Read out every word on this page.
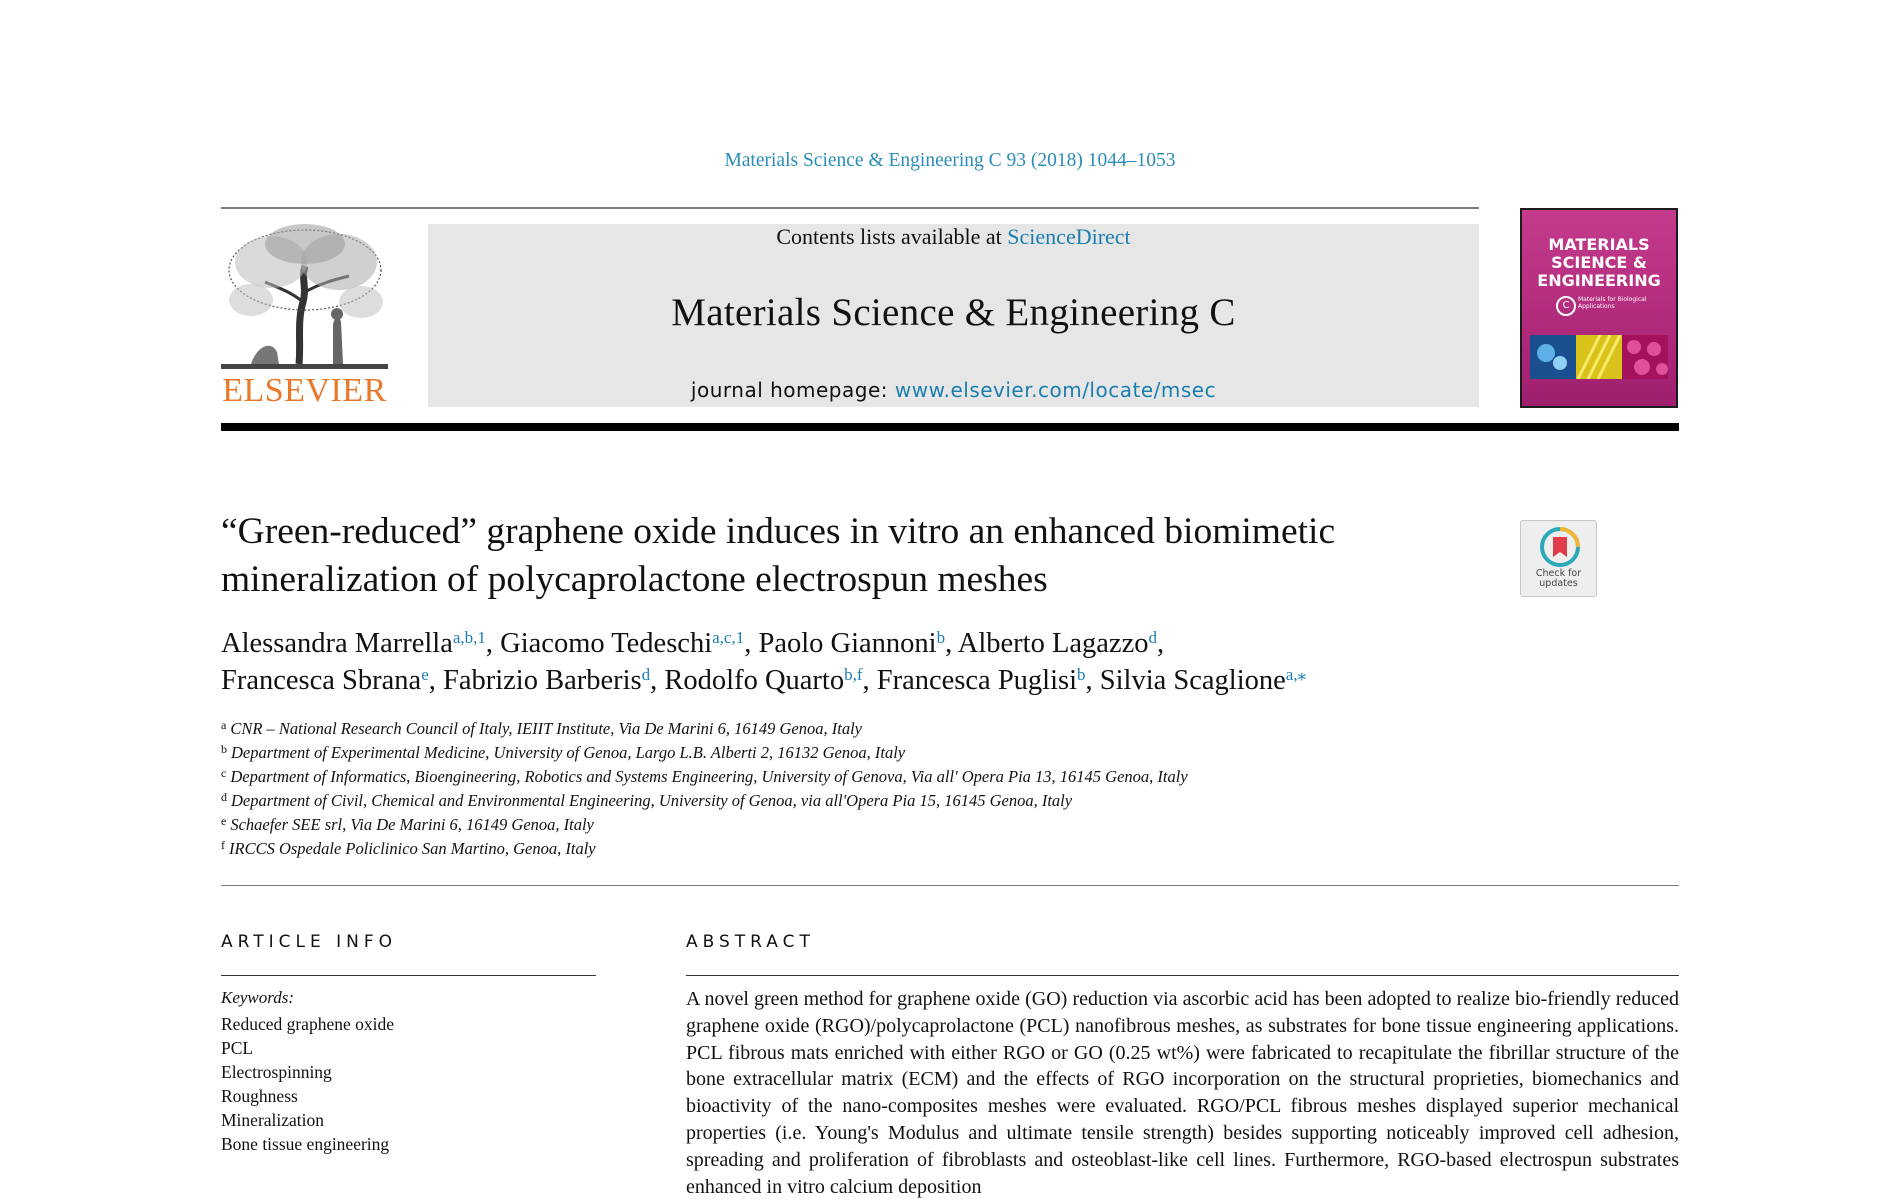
Materials Science & Engineering C 93 (2018) 1044–1053
ELSEVIER
Contents lists available at ScienceDirect
Materials Science & Engineering C
journal homepage: www.elsevier.com/locate/msec
MATERIALS
SCIENCE &
ENGINEERING
C
Materials for Biological Applications
“Green-reduced” graphene oxide induces in vitro an enhanced biomimetic mineralization of polycaprolactone electrospun meshes	Check for updates
Alessandra Marrella$^{a,b,1}$, Giacomo Tedeschi$^{a,c,1}$, Paolo Giannoni$^b$, Alberto Lagazzo$^d$,
Francesca Sbrana$^e$, Fabrizio Barberis$^d$, Rodolfo Quarto$^{b,f}$, Francesca Puglisi$^b$, Silvia Scaglione$^{a,⁎}$
$^a$ CNR – National Research Council of Italy, IEIIT Institute, Via De Marini 6, 16149 Genoa, Italy
$^b$ Department of Experimental Medicine, University of Genoa, Largo L.B. Alberti 2, 16132 Genoa, Italy
$^c$ Department of Informatics, Bioengineering, Robotics and Systems Engineering, University of Genova, Via all' Opera Pia 13, 16145 Genoa, Italy
$^d$ Department of Civil, Chemical and Environmental Engineering, University of Genoa, via all'Opera Pia 15, 16145 Genoa, Italy
$^e$ Schaefer SEE srl, Via De Marini 6, 16149 Genoa, Italy
$^f$ IRCCS Ospedale Policlinico San Martino, Genoa, Italy
ARTICLE INFO
Keywords:
Reduced graphene oxide
PCL
Electrospinning
Roughness
Mineralization
Bone tissue engineering
ABSTRACT
A novel green method for graphene oxide (GO) reduction via ascorbic acid has been adopted to realize bio-friendly reduced graphene oxide (RGO)/polycaprolactone (PCL) nanofibrous meshes, as substrates for bone tissue engineering applications. PCL fibrous mats enriched with either RGO or GO (0.25 wt%) were fabricated to recapitulate the fibrillar structure of the bone extracellular matrix (ECM) and the effects of RGO incorporation on the structural proprieties, biomechanics and bioactivity of the nano-composites meshes were evaluated. RGO/PCL fibrous meshes displayed superior mechanical properties (i.e. Young's Modulus and ultimate tensile strength) besides supporting noticeably improved cell adhesion, spreading and proliferation of fibroblasts and osteoblast-like cell lines. Furthermore, RGO-based electrospun substrates enhanced in vitro calcium deposition
